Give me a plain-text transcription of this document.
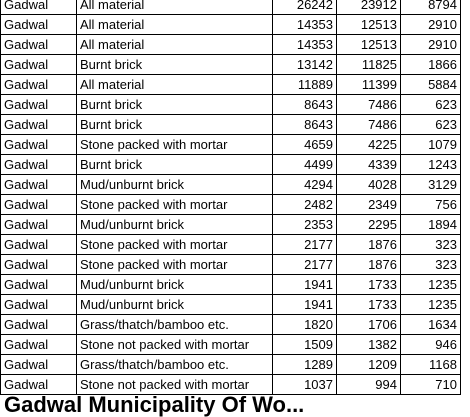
Gadwal	All material	26242	23912	8794
Gadwal	All material	14353	12513	2910
Gadwal	All material	14353	12513	2910
Gadwal	Burnt brick	13142	11825	1866
Gadwal	All material	11889	11399	5884
Gadwal	Burnt brick	8643	7486	623
Gadwal	Burnt brick	8643	7486	623
Gadwal	Stone packed with mortar	4659	4225	1079
Gadwal	Burnt brick	4499	4339	1243
Gadwal	Mud/unburnt brick	4294	4028	3129
Gadwal	Stone packed with mortar	2482	2349	756
Gadwal	Mud/unburnt brick	2353	2295	1894
Gadwal	Stone packed with mortar	2177	1876	323
Gadwal	Stone packed with mortar	2177	1876	323
Gadwal	Mud/unburnt brick	1941	1733	1235
Gadwal	Mud/unburnt brick	1941	1733	1235
Gadwal	Grass/thatch/bamboo etc.	1820	1706	1634
Gadwal	Stone not packed with mortar	1509	1382	946
Gadwal	Grass/thatch/bamboo etc.	1289	1209	1168
Gadwal	Stone not packed with mortar	1037	994	710
Gadwal Municipality Of Wo...
